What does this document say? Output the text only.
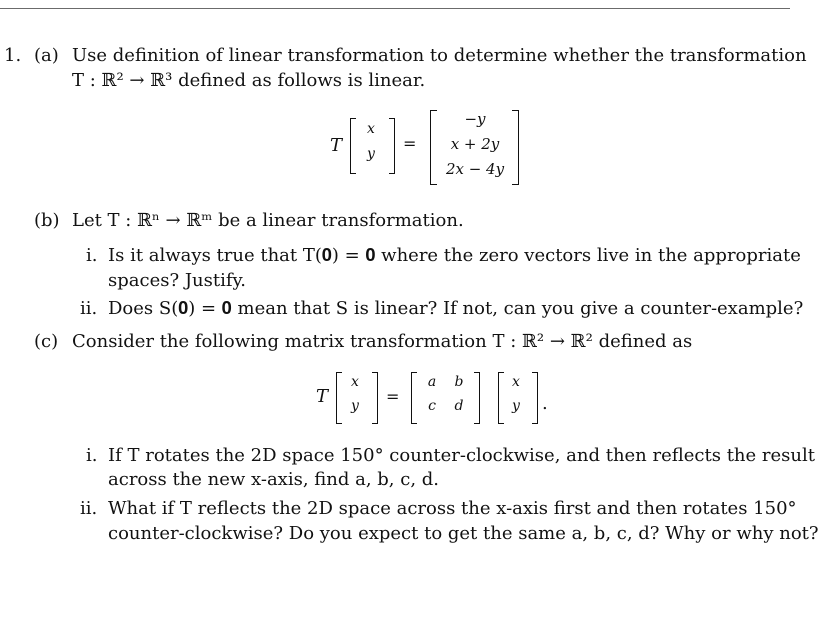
1. (a) Use definition of linear transformation to determine whether the transformation
T : ℝ² → ℝ³ defined as follows is linear.
T
x
y
=
−y
x + 2y
2x − 4y
(b) Let T : ℝⁿ → ℝᵐ be a linear transformation.
i. Is it always true that T(𝟎) = 𝟎 where the zero vectors live in the appropriate
spaces? Justify.
ii. Does S(𝟎) = 𝟎 mean that S is linear? If not, can you give a counter-example?
(c) Consider the following matrix transformation T : ℝ² → ℝ² defined as
T
x
y	=
a	b
c	d
x
y	.
i. If T rotates the 2D space 150° counter-clockwise, and then reflects the result
across the new x-axis, find a, b, c, d.
ii. What if T reflects the 2D space across the x-axis first and then rotates 150°
counter-clockwise? Do you expect to get the same a, b, c, d? Why or why not?
